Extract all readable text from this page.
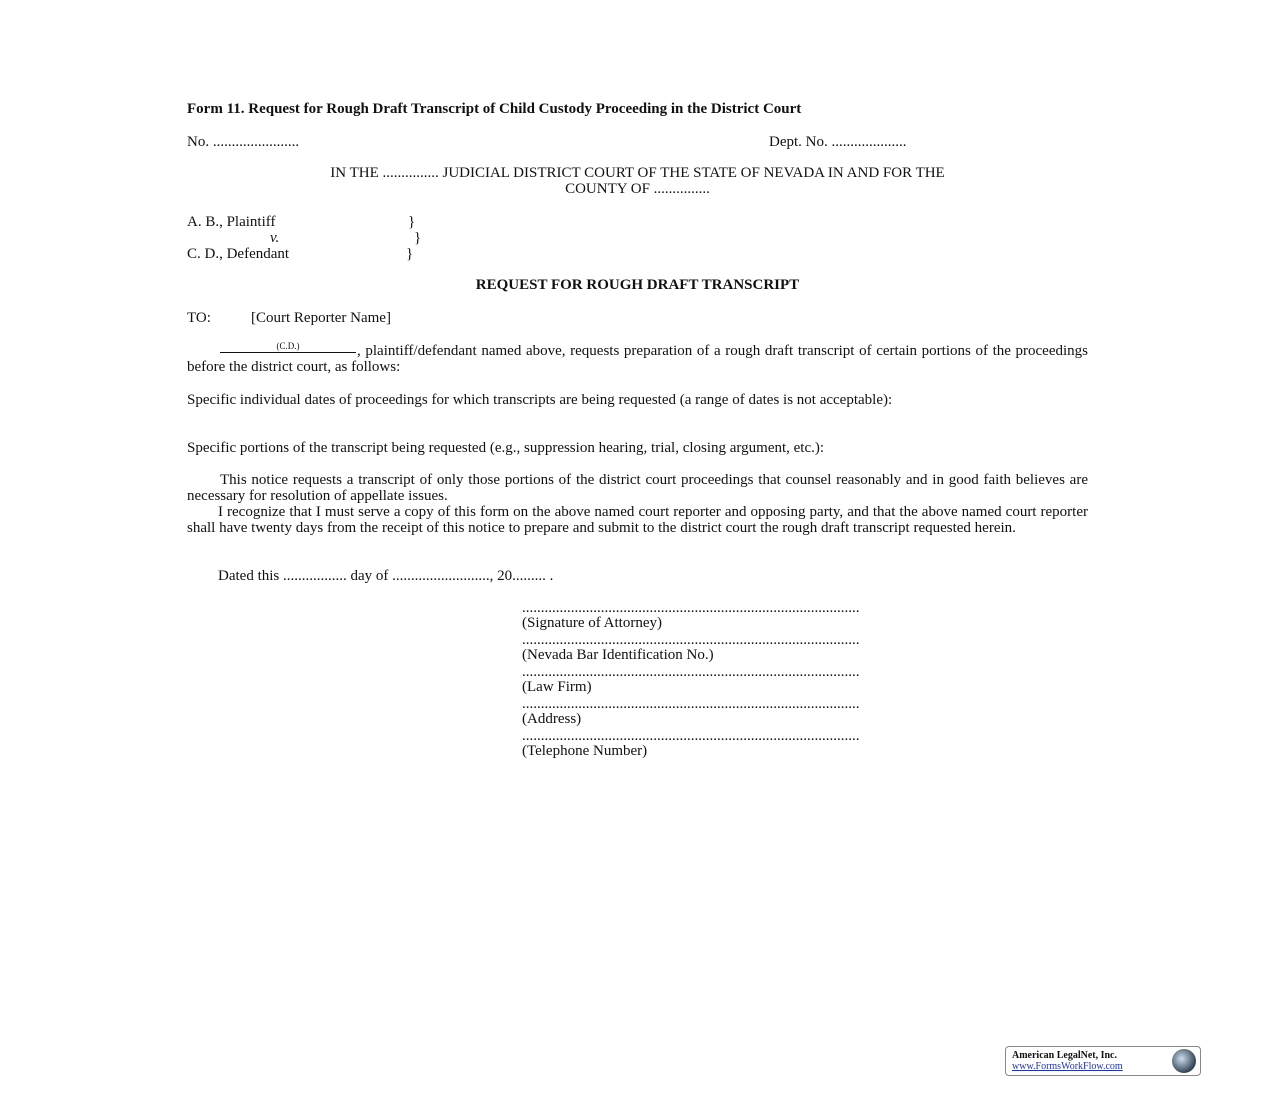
Form 11. Request for Rough Draft Transcript of Child Custody Proceeding in the District Court
No. .......................	Dept. No. ....................
IN THE ............... JUDICIAL DISTRICT COURT OF THE STATE OF NEVADA IN AND FOR THE
COUNTY OF ...............
A. B., Plaintiff	}
v.	}
C. D., Defendant	}
REQUEST FOR ROUGH DRAFT TRANSCRIPT
TO:	[Court Reporter Name]
(C.D.)	, plaintiff/defendant named above, requests preparation of a rough draft transcript of certain portions of the proceedings before the district court, as follows:
Specific individual dates of proceedings for which transcripts are being requested (a range of dates is not acceptable):
Specific portions of the transcript being requested (e.g., suppression hearing, trial, closing argument, etc.):
This notice requests a transcript of only those portions of the district court proceedings that counsel reasonably and in good faith believes are necessary for resolution of appellate issues.
I recognize that I must serve a copy of this form on the above named court reporter and opposing party, and that the above named court reporter shall have twenty days from the receipt of this notice to prepare and submit to the district court the rough draft transcript requested herein.
Dated this ................. day of .........................., 20......... .
..........................................................................................
(Signature of Attorney)
..........................................................................................
(Nevada Bar Identification No.)
..........................................................................................
(Law Firm)
..........................................................................................
(Address)
..........................................................................................
(Telephone Number)
American LegalNet, Inc.
www.FormsWorkFlow.com
